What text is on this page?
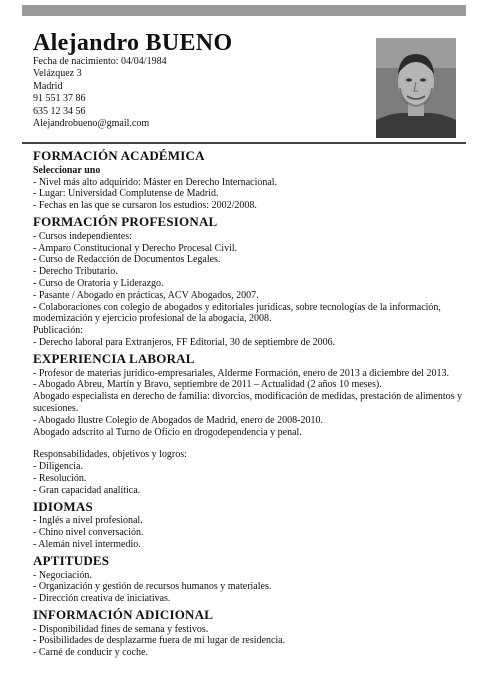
Alejandro BUENO
Fecha de nacimiento: 04/04/1984
Velázquez 3
Madrid
91 551 37 86
635 12 34 56
Alejandrobueno@gmail.com
FORMACIÓN ACADÉMICA
Seleccionar uno
- Nivel más alto adquirido: Máster en Derecho Internacional.
- Lugar: Universidad Complutense de Madrid.
- Fechas en las que se cursaron los estudios: 2002/2008.
FORMACIÓN PROFESIONAL
- Cursos independientes:
- Amparo Constitucional y Derecho Procesal Civil.
- Curso de Redacción de Documentos Legales.
- Derecho Tributario.
- Curso de Oratoria y Liderazgo.
- Pasante / Abogado en prácticas, ACV Abogados, 2007.
- Colaboraciones con colegio de abogados y editoriales jurídicas, sobre tecnologías de la información, modernización y ejercicio profesional de la abogacía, 2008.
Publicación:
- Derecho laboral para Extranjeros, FF Editorial, 30 de septiembre de 2006.
EXPERIENCIA LABORAL
- Profesor de materias jurídico-empresariales, Alderme Formación, enero de 2013 a diciembre del 2013.
- Abogado Abreu, Martín y Bravo, septiembre de 2011 – Actualidad (2 años 10 meses).
Abogado especialista en derecho de familia: divorcios, modificación de medidas, prestación de alimentos y sucesiones.
- Abogado Ilustre Colegio de Abogados de Madrid, enero de 2008-2010.
Abogado adscrito al Turno de Oficio en drogodependencia y penal.
Responsabilidades, objetivos y logros:
- Diligencia.
- Resolución.
- Gran capacidad analítica.
IDIOMAS
- Inglés a nivel profesional.
- Chino nivel conversación.
- Alemán nivel intermedio.
APTITUDES
- Negociación.
- Organización y gestión de recursos humanos y materiales.
- Dirección creativa de iniciativas.
INFORMACIÓN ADICIONAL
- Disponibilidad fines de semana y festivos.
- Posibilidades de desplazarme fuera de mi lugar de residencia.
- Carné de conducir y coche.
